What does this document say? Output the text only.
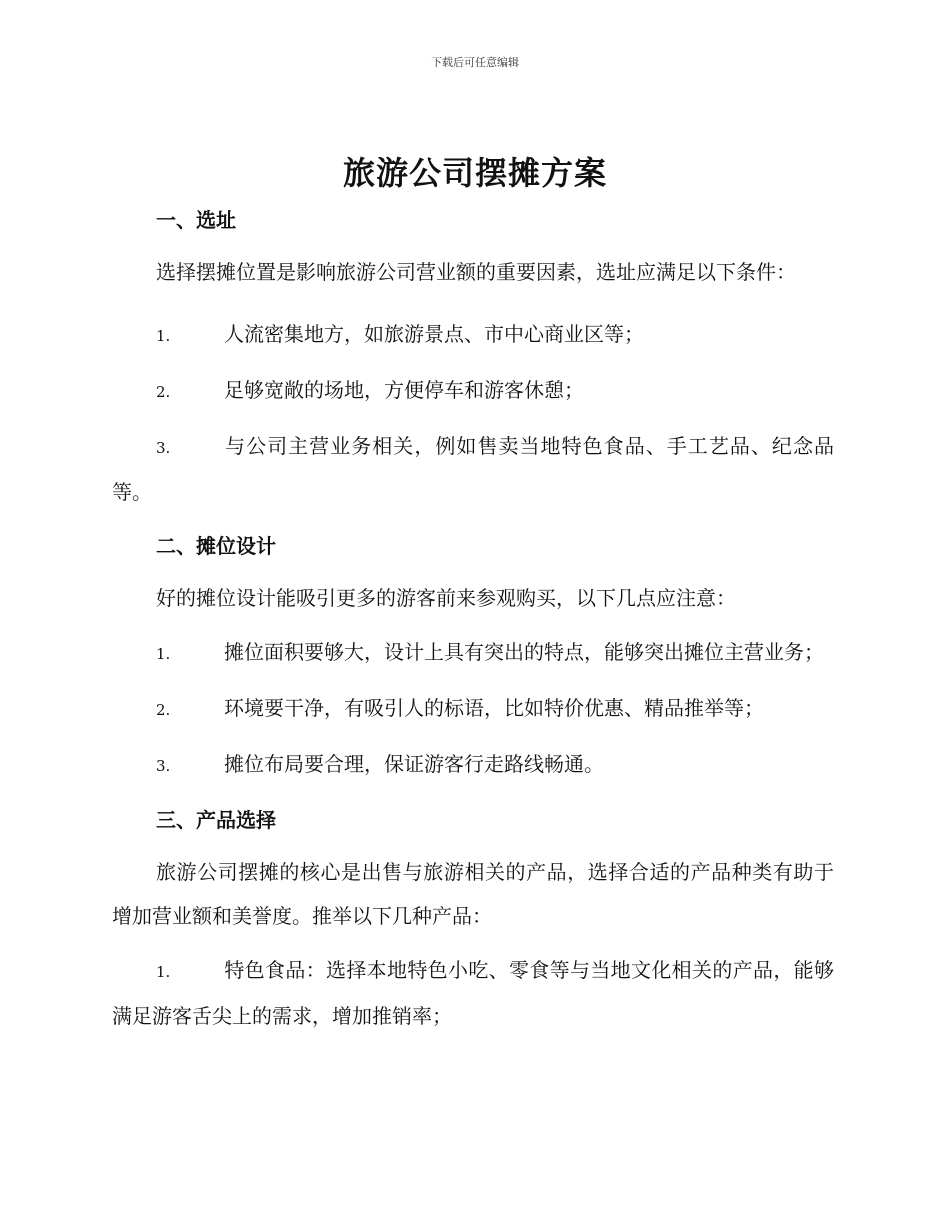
下载后可任意编辑
旅游公司摆摊方案
一、选址

选择摆摊位置是影响旅游公司营业额的重要因素，选址应满足以下条件：

1.	人流密集地方，如旅游景点、市中心商业区等；

2.	足够宽敞的场地，方便停车和游客休憩；

3.	与公司主营业务相关，例如售卖当地特色食品、手工艺品、纪念品等。

二、摊位设计

好的摊位设计能吸引更多的游客前来参观购买，以下几点应注意：

1.	摊位面积要够大，设计上具有突出的特点，能够突出摊位主营业务；

2.	环境要干净，有吸引人的标语，比如特价优惠、精品推举等；

3.	摊位布局要合理，保证游客行走路线畅通。

三、产品选择

旅游公司摆摊的核心是出售与旅游相关的产品，选择合适的产品种类有助于增加营业额和美誉度。推举以下几种产品：

1.	特色食品：选择本地特色小吃、零食等与当地文化相关的产品，能够满足游客舌尖上的需求，增加推销率；
